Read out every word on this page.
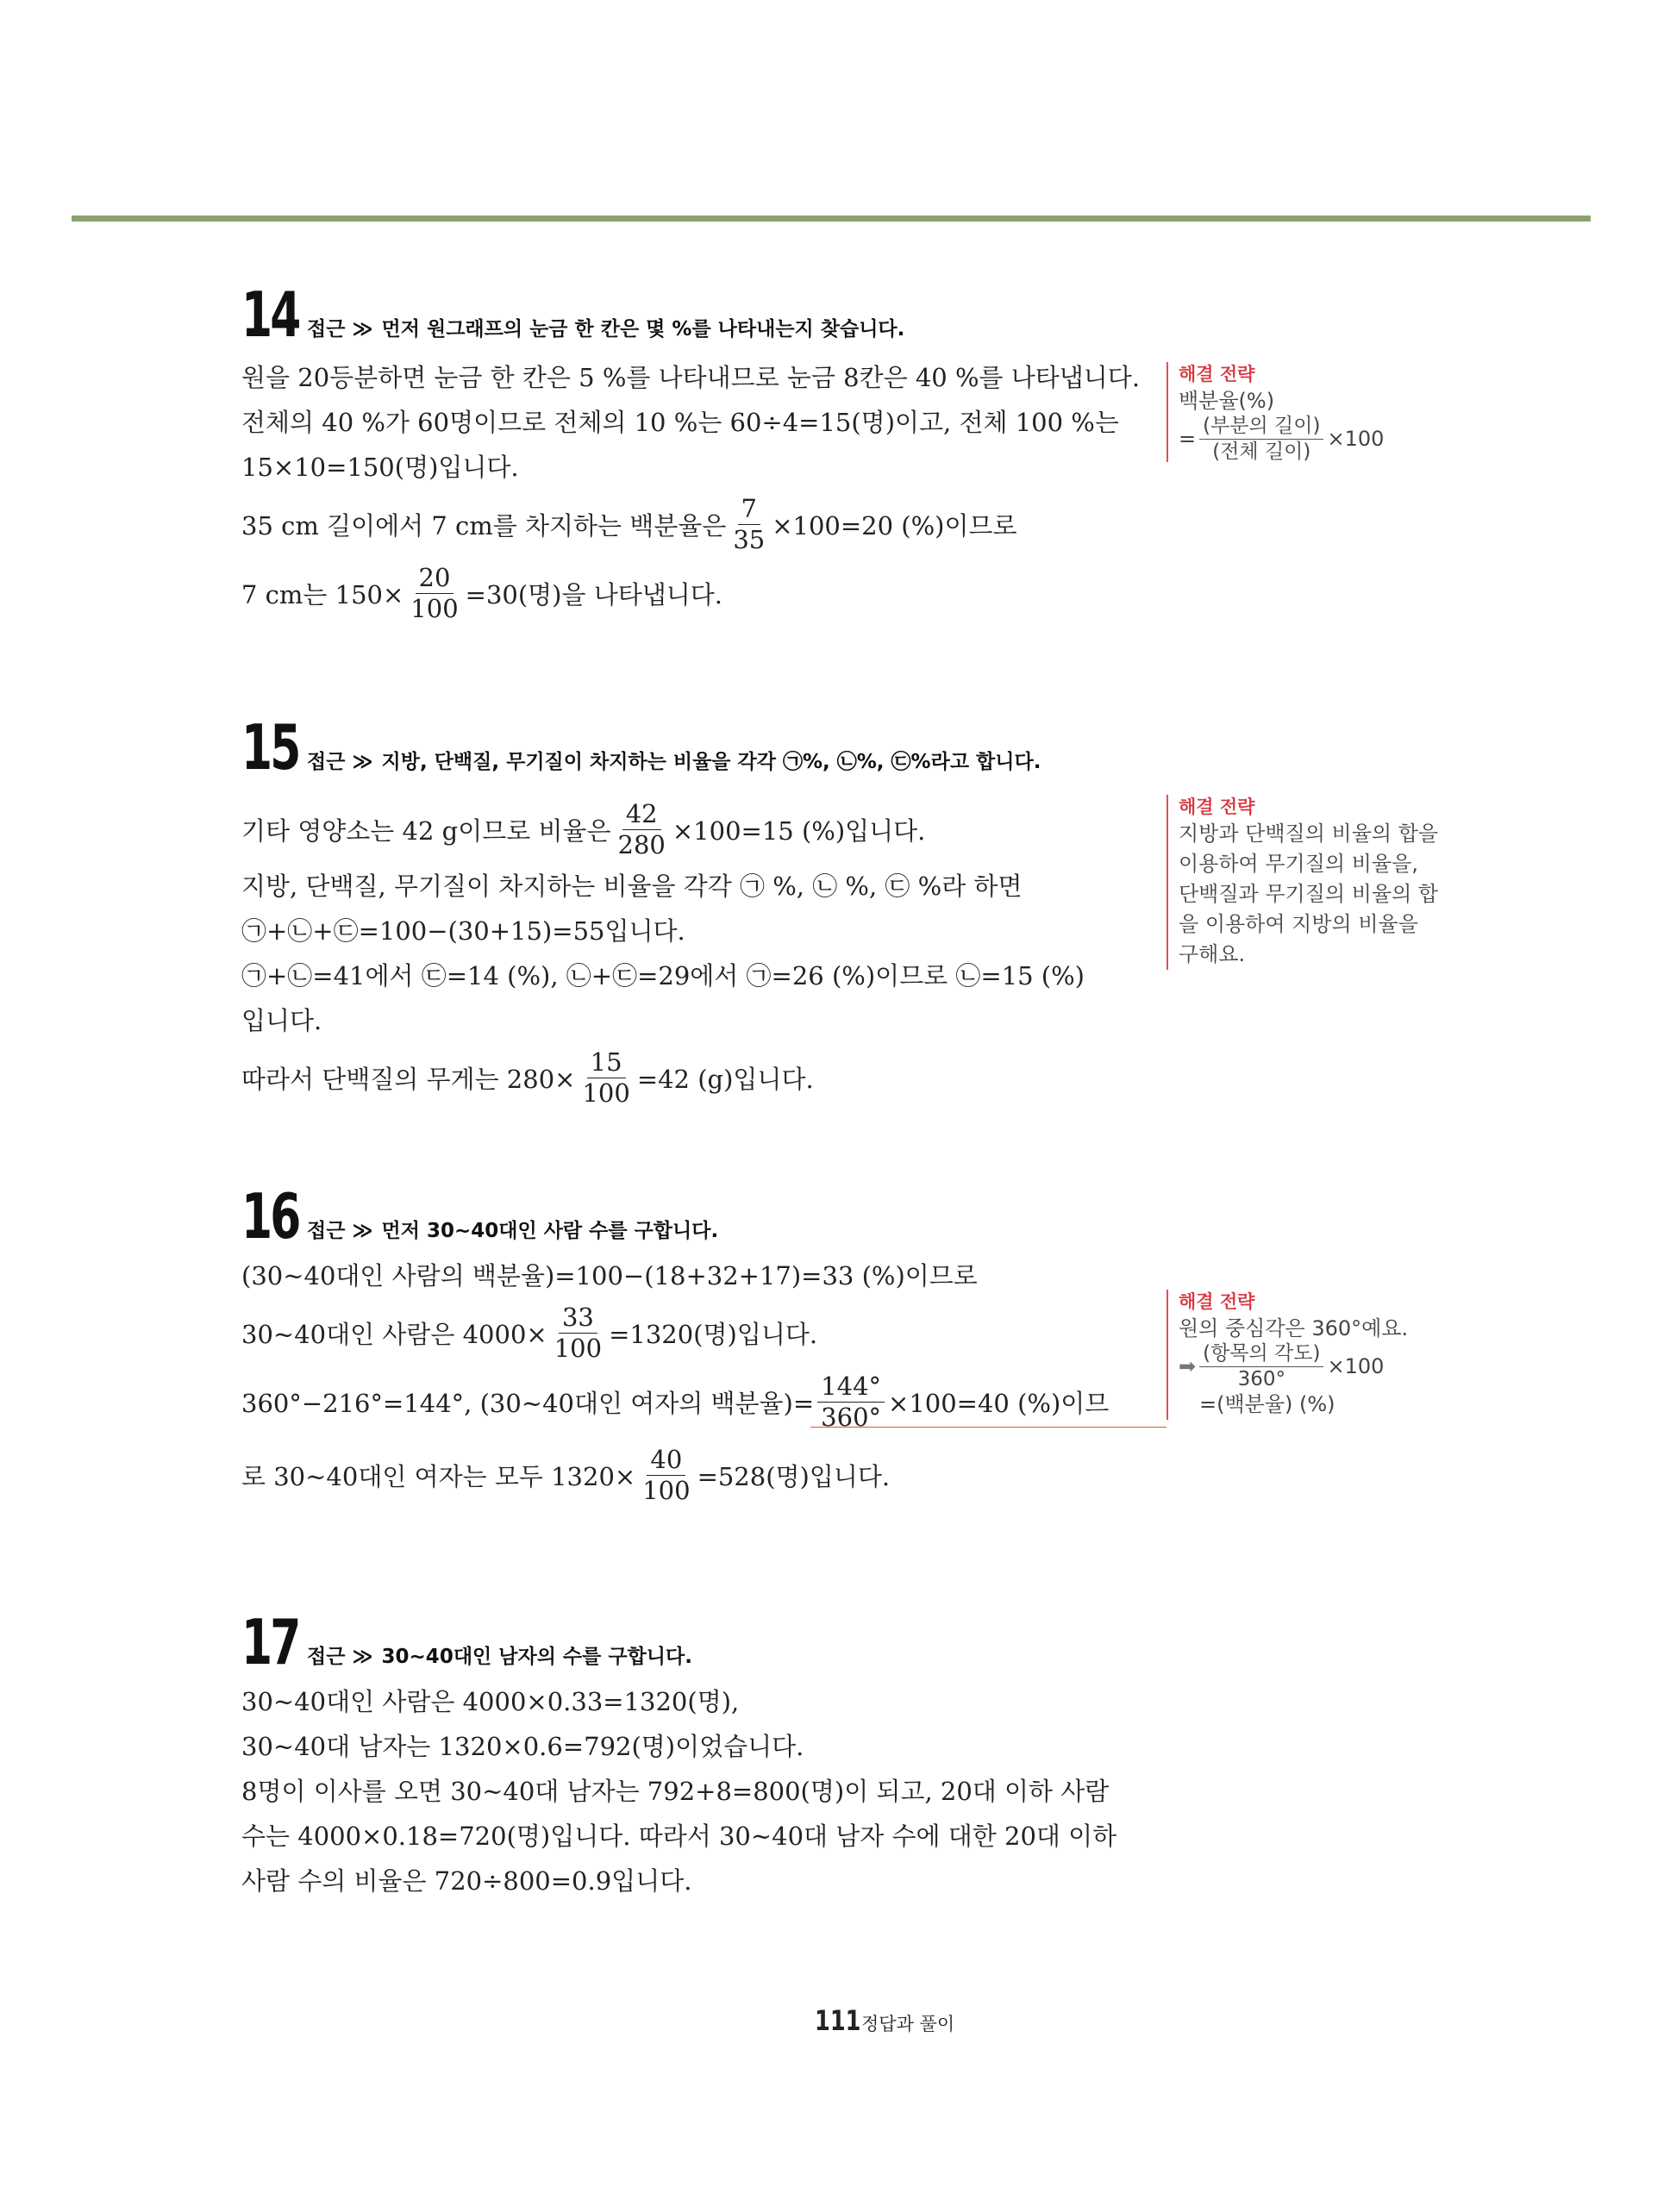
14 접근 ≫ 먼저 원그래프의 눈금 한 칸은 몇 %를 나타내는지 찾습니다.
원을 20등분하면 눈금 한 칸은 5 %를 나타내므로 눈금 8칸은 40 %를 나타냅니다.
전체의 40 %가 60명이므로 전체의 10 %는 60÷4=15(명)이고, 전체 100 %는
15×10=150(명)입니다.
35 cm 길이에서 7 cm를 차지하는 백분율은 $\frac{7}{35} \times 100=20$ (%)이므로
7 cm는 $150\times \frac{20}{100} =30$(명)을 나타냅니다.
해결 전략
백분율(%)
= $\frac{\text{(부분의 길이)}}{\text{(전체 길이)}} \times 100$
15 접근 ≫ 지방, 단백질, 무기질이 차지하는 비율을 각각 ㉠%, ㉡%, ㉢%라고 합니다.
기타 영양소는 42 g이므로 비율은 $\frac{42}{280} \times 100=15$ (%)입니다.
지방, 단백질, 무기질이 차지하는 비율을 각각 ㉠ %, ㉡ %, ㉢ %라 하면
㉠+㉡+㉢=100−(30+15)=55입니다.
㉠+㉡=41에서 ㉢=14 (%), ㉡+㉢=29에서 ㉠=26 (%)이므로 ㉡=15 (%)
입니다.
따라서 단백질의 무게는 $280\times \frac{15}{100} =42$ (g)입니다.
해결 전략
지방과 단백질의 비율의 합을
이용하여 무기질의 비율을,
단백질과 무기질의 비율의 합
을 이용하여 지방의 비율을
구해요.
16 접근 ≫ 먼저 30~40대인 사람 수를 구합니다.
(30~40대인 사람의 백분율)=100−(18+32+17)=33 (%)이므로
30~40대인 사람은 $4000\times \frac{33}{100} =1320$(명)입니다.
360°−216°=144°, (30~40대인 여자의 백분율)= $\frac{144^\circ}{360^\circ} \times 100=40$ (%)이므
로 30~40대인 여자는 모두 $1320\times \frac{40}{100} =528$(명)입니다.
해결 전략
원의 중심각은 360°예요.
➡ $\frac{\text{(항목의 각도)}}{360^\circ} \times 100$
=(백분율) (%)
17 접근 ≫ 30~40대인 남자의 수를 구합니다.
30~40대인 사람은 4000×0.33=1320(명),
30~40대 남자는 1320×0.6=792(명)이었습니다.
8명이 이사를 오면 30~40대 남자는 792+8=800(명)이 되고, 20대 이하 사람
수는 4000×0.18=720(명)입니다. 따라서 30~40대 남자 수에 대한 20대 이하
사람 수의 비율은 720÷800=0.9입니다.
111 정답과 풀이
